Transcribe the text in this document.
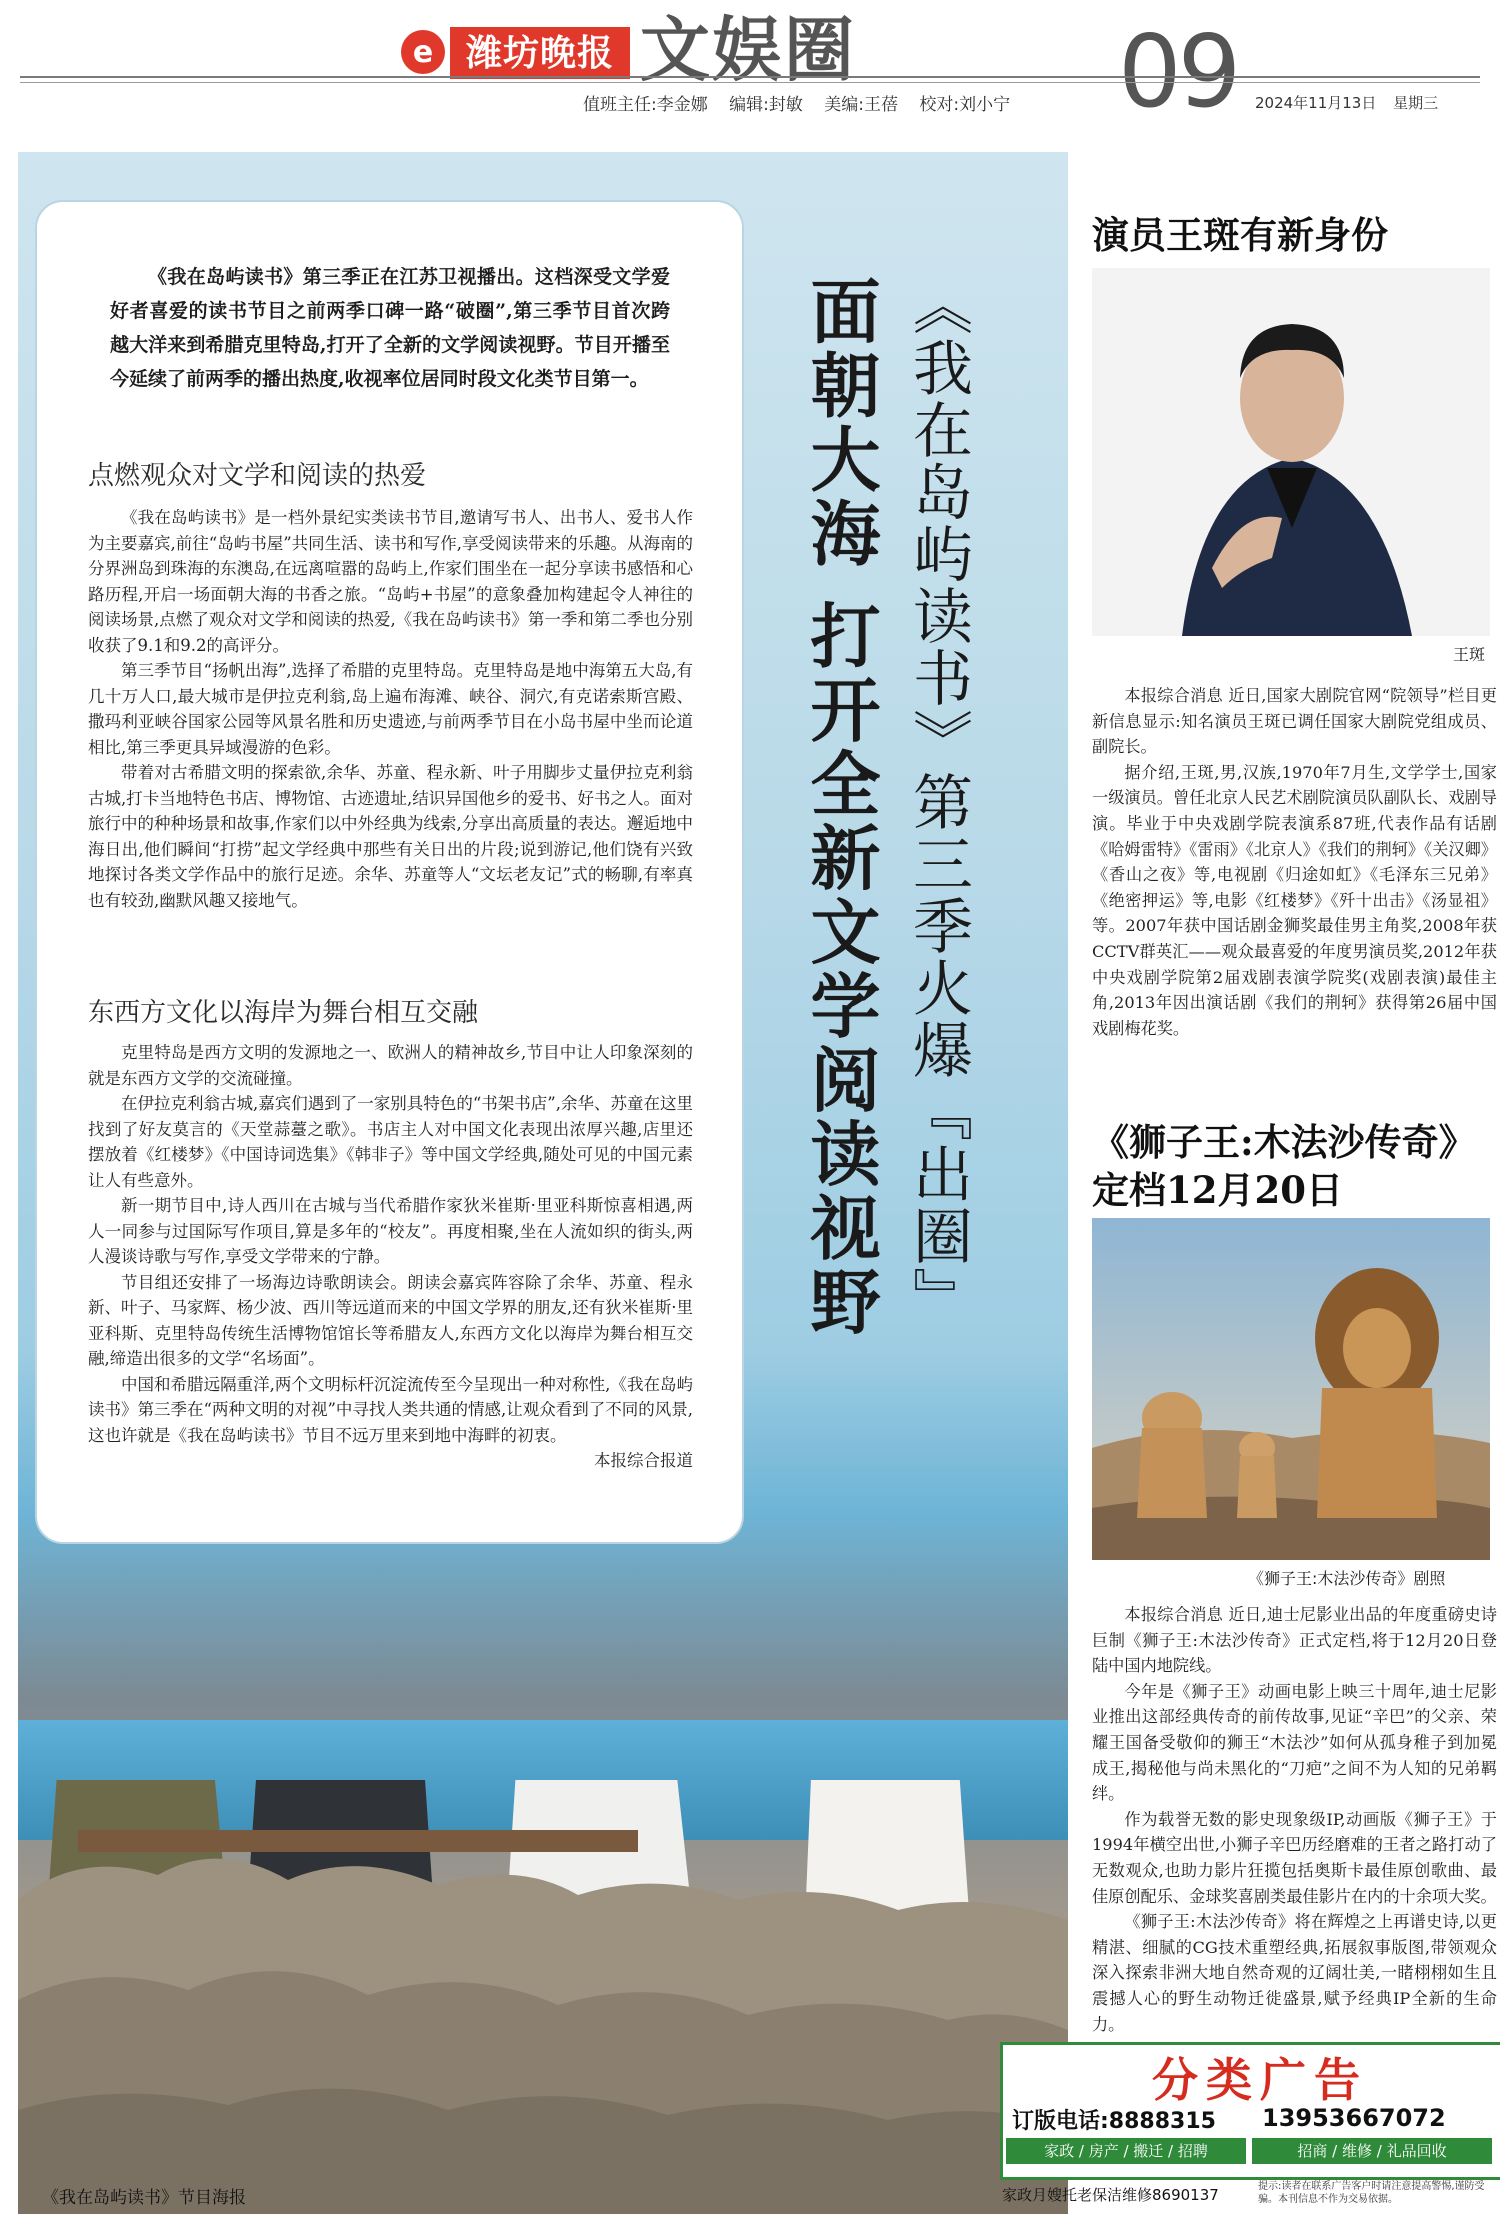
e 潍坊晚报 文娱圈	09
值班主任:李金娜 编辑:封敏 美编:王蓓 校对:刘小宁	2024年11月13日 星期三
《我在岛屿读书》第三季火爆『出圈』
面朝大海 打开全新文学阅读视野
《我在岛屿读书》第三季正在江苏卫视播出。这档深受文学爱好者喜爱的读书节目之前两季口碑一路“破圈”,第三季节目首次跨越大洋来到希腊克里特岛,打开了全新的文学阅读视野。节目开播至今延续了前两季的播出热度,收视率位居同时段文化类节目第一。
点燃观众对文学和阅读的热爱

《我在岛屿读书》是一档外景纪实类读书节目,邀请写书人、出书人、爱书人作为主要嘉宾,前往“岛屿书屋”共同生活、读书和写作,享受阅读带来的乐趣。从海南的分界洲岛到珠海的东澳岛,在远离喧嚣的岛屿上,作家们围坐在一起分享读书感悟和心路历程,开启一场面朝大海的书香之旅。“岛屿+书屋”的意象叠加构建起令人神往的阅读场景,点燃了观众对文学和阅读的热爱,《我在岛屿读书》第一季和第二季也分别收获了9.1和9.2的高评分。

第三季节目“扬帆出海”,选择了希腊的克里特岛。克里特岛是地中海第五大岛,有几十万人口,最大城市是伊拉克利翁,岛上遍布海滩、峡谷、洞穴,有克诺索斯宫殿、撒玛利亚峡谷国家公园等风景名胜和历史遗迹,与前两季节目在小岛书屋中坐而论道相比,第三季更具异域漫游的色彩。

带着对古希腊文明的探索欲,余华、苏童、程永新、叶子用脚步丈量伊拉克利翁古城,打卡当地特色书店、博物馆、古迹遗址,结识异国他乡的爱书、好书之人。面对旅行中的种种场景和故事,作家们以中外经典为线索,分享出高质量的表达。邂逅地中海日出,他们瞬间“打捞”起文学经典中那些有关日出的片段;说到游记,他们饶有兴致地探讨各类文学作品中的旅行足迹。余华、苏童等人“文坛老友记”式的畅聊,有率真也有较劲,幽默风趣又接地气。

东西方文化以海岸为舞台相互交融

克里特岛是西方文明的发源地之一、欧洲人的精神故乡,节目中让人印象深刻的就是东西方文学的交流碰撞。

在伊拉克利翁古城,嘉宾们遇到了一家别具特色的“书架书店”,余华、苏童在这里找到了好友莫言的《天堂蒜薹之歌》。书店主人对中国文化表现出浓厚兴趣,店里还摆放着《红楼梦》《中国诗词选集》《韩非子》等中国文学经典,随处可见的中国元素让人有些意外。

新一期节目中,诗人西川在古城与当代希腊作家狄米崔斯·里亚科斯惊喜相遇,两人一同参与过国际写作项目,算是多年的“校友”。再度相聚,坐在人流如织的街头,两人漫谈诗歌与写作,享受文学带来的宁静。

节目组还安排了一场海边诗歌朗读会。朗读会嘉宾阵容除了余华、苏童、程永新、叶子、马家辉、杨少波、西川等远道而来的中国文学界的朋友,还有狄米崔斯·里亚科斯、克里特岛传统生活博物馆馆长等希腊友人,东西方文化以海岸为舞台相互交融,缔造出很多的文学“名场面”。

中国和希腊远隔重洋,两个文明标杆沉淀流传至今呈现出一种对称性,《我在岛屿读书》第三季在“两种文明的对视”中寻找人类共通的情感,让观众看到了不同的风景,这也许就是《我在岛屿读书》节目不远万里来到地中海畔的初衷。

本报综合报道

《我在岛屿读书》节目海报
演员王斑有新身份
王斑

本报综合消息 近日,国家大剧院官网“院领导”栏目更新信息显示:知名演员王斑已调任国家大剧院党组成员、副院长。

据介绍,王斑,男,汉族,1970年7月生,文学学士,国家一级演员。曾任北京人民艺术剧院演员队副队长、戏剧导演。毕业于中央戏剧学院表演系87班,代表作品有话剧《哈姆雷特》《雷雨》《北京人》《我们的荆轲》《关汉卿》《香山之夜》等,电视剧《归途如虹》《毛泽东三兄弟》《绝密押运》等,电影《红楼梦》《歼十出击》《汤显祖》等。2007年获中国话剧金狮奖最佳男主角奖,2008年获CCTV群英汇——观众最喜爱的年度男演员奖,2012年获中央戏剧学院第2届戏剧表演学院奖(戏剧表演)最佳主角,2013年因出演话剧《我们的荆轲》获得第26届中国戏剧梅花奖。

《狮子王:木法沙传奇》
定档12月20日
《狮子王:木法沙传奇》剧照

本报综合消息 近日,迪士尼影业出品的年度重磅史诗巨制《狮子王:木法沙传奇》正式定档,将于12月20日登陆中国内地院线。

今年是《狮子王》动画电影上映三十周年,迪士尼影业推出这部经典传奇的前传故事,见证“辛巴”的父亲、荣耀王国备受敬仰的狮王“木法沙”如何从孤身稚子到加冕成王,揭秘他与尚未黑化的“刀疤”之间不为人知的兄弟羁绊。

作为载誉无数的影史现象级IP,动画版《狮子王》于1994年横空出世,小狮子辛巴历经磨难的王者之路打动了无数观众,也助力影片狂揽包括奥斯卡最佳原创歌曲、最佳原创配乐、金球奖喜剧类最佳影片在内的十余项大奖。

《狮子王:木法沙传奇》将在辉煌之上再谱史诗,以更精湛、细腻的CG技术重塑经典,拓展叙事版图,带领观众深入探索非洲大地自然奇观的辽阔壮美,一睹栩栩如生且震撼人心的野生动物迁徙盛景,赋予经典IP全新的生命力。

分类广告
订版电话:8888315 13953667072
家政 / 房产 / 搬迁 / 招聘	招商 / 维修 / 礼品回收
家政月嫂托老保洁维修8690137	提示:读者在联系广告客户时请注意提高警惕,谨防受骗。本刊信息不作为交易依据。
